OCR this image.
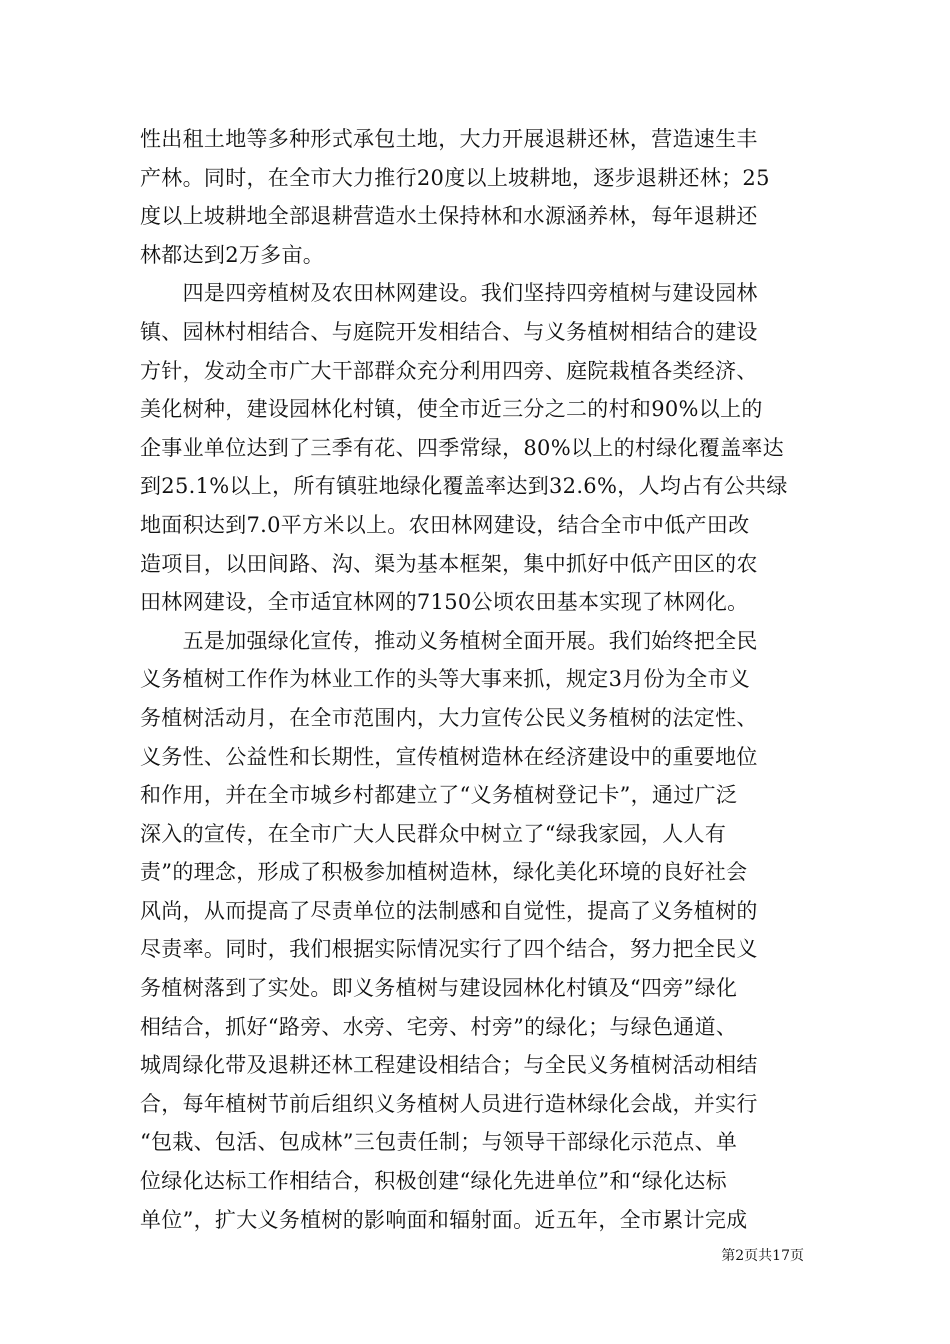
性出租土地等多种形式承包土地，大力开展退耕还林，营造速生丰
产林。同时，在全市大力推行20度以上坡耕地，逐步退耕还林；25
度以上坡耕地全部退耕营造水土保持林和水源涵养林，每年退耕还
林都达到2万多亩。
　　四是四旁植树及农田林网建设。我们坚持四旁植树与建设园林
镇、园林村相结合、与庭院开发相结合、与义务植树相结合的建设
方针，发动全市广大干部群众充分利用四旁、庭院栽植各类经济、
美化树种，建设园林化村镇，使全市近三分之二的村和90%以上的
企事业单位达到了三季有花、四季常绿，80%以上的村绿化覆盖率达
到25.1%以上，所有镇驻地绿化覆盖率达到32.6%，人均占有公共绿
地面积达到7.0平方米以上。农田林网建设，结合全市中低产田改
造项目，以田间路、沟、渠为基本框架，集中抓好中低产田区的农
田林网建设，全市适宜林网的7150公顷农田基本实现了林网化。
　　五是加强绿化宣传，推动义务植树全面开展。我们始终把全民
义务植树工作作为林业工作的头等大事来抓，规定3月份为全市义
务植树活动月，在全市范围内，大力宣传公民义务植树的法定性、
义务性、公益性和长期性，宣传植树造林在经济建设中的重要地位
和作用，并在全市城乡村都建立了“义务植树登记卡”，通过广泛
深入的宣传，在全市广大人民群众中树立了“绿我家园，人人有
责”的理念，形成了积极参加植树造林，绿化美化环境的良好社会
风尚，从而提高了尽责单位的法制感和自觉性，提高了义务植树的
尽责率。同时，我们根据实际情况实行了四个结合，努力把全民义
务植树落到了实处。即义务植树与建设园林化村镇及“四旁”绿化
相结合，抓好“路旁、水旁、宅旁、村旁”的绿化；与绿色通道、
城周绿化带及退耕还林工程建设相结合；与全民义务植树活动相结
合，每年植树节前后组织义务植树人员进行造林绿化会战，并实行
“包栽、包活、包成林”三包责任制；与领导干部绿化示范点、单
位绿化达标工作相结合，积极创建“绿化先进单位”和“绿化达标
单位”，扩大义务植树的影响面和辐射面。近五年，全市累计完成
第2页共17页
